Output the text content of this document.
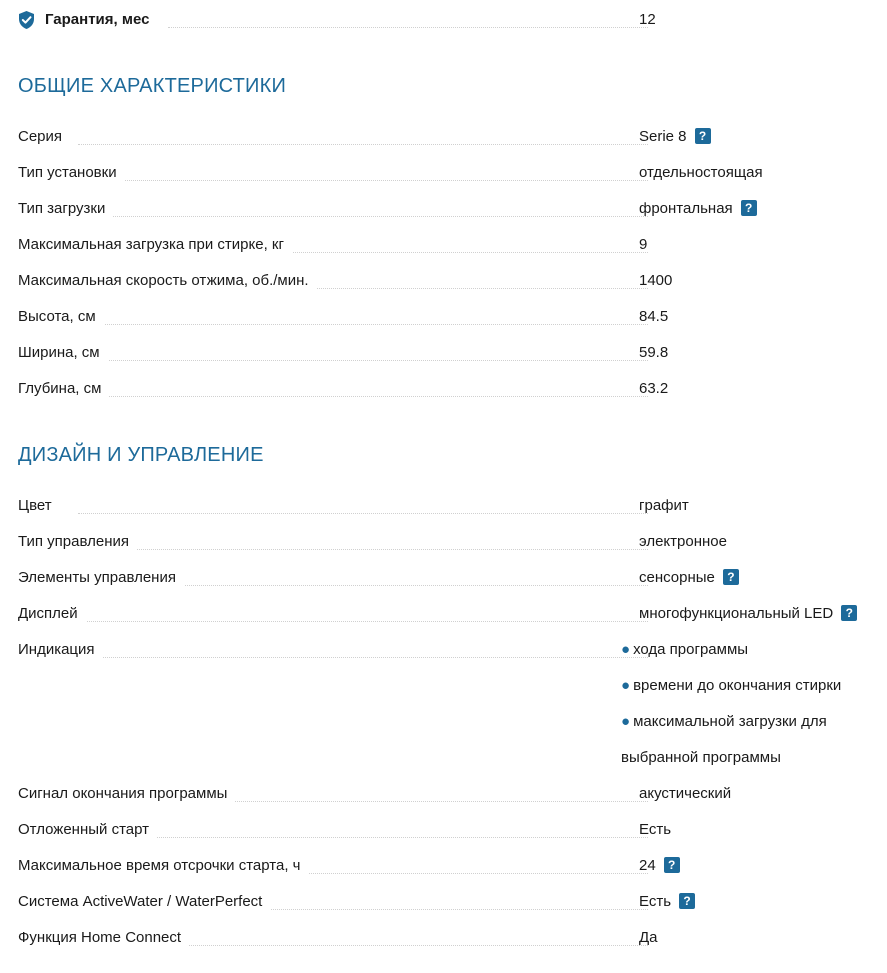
Гарантия, мес	12
ОБЩИЕ ХАРАКТЕРИСТИКИ
Серия	Serie 8 ?
Тип установки	отдельностоящая
Тип загрузки	фронтальная ?
Максимальная загрузка при стирке, кг	9
Максимальная скорость отжима, об./мин.	1400
Высота, см	84.5
Ширина, см	59.8
Глубина, см	63.2
ДИЗАЙН И УПРАВЛЕНИЕ
Цвет	графит
Тип управления	электронное
Элементы управления	сенсорные ?
Дисплей	многофункциональный LED ?
Индикация	● хода программы
● времени до окончания стирки
● максимальной загрузки для
выбранной программы
Сигнал окончания программы	акустический
Отложенный старт	Есть
Максимальное время отсрочки старта, ч	24 ?
Система ActiveWater / WaterPerfect	Есть ?
Функция Home Connect	Да
